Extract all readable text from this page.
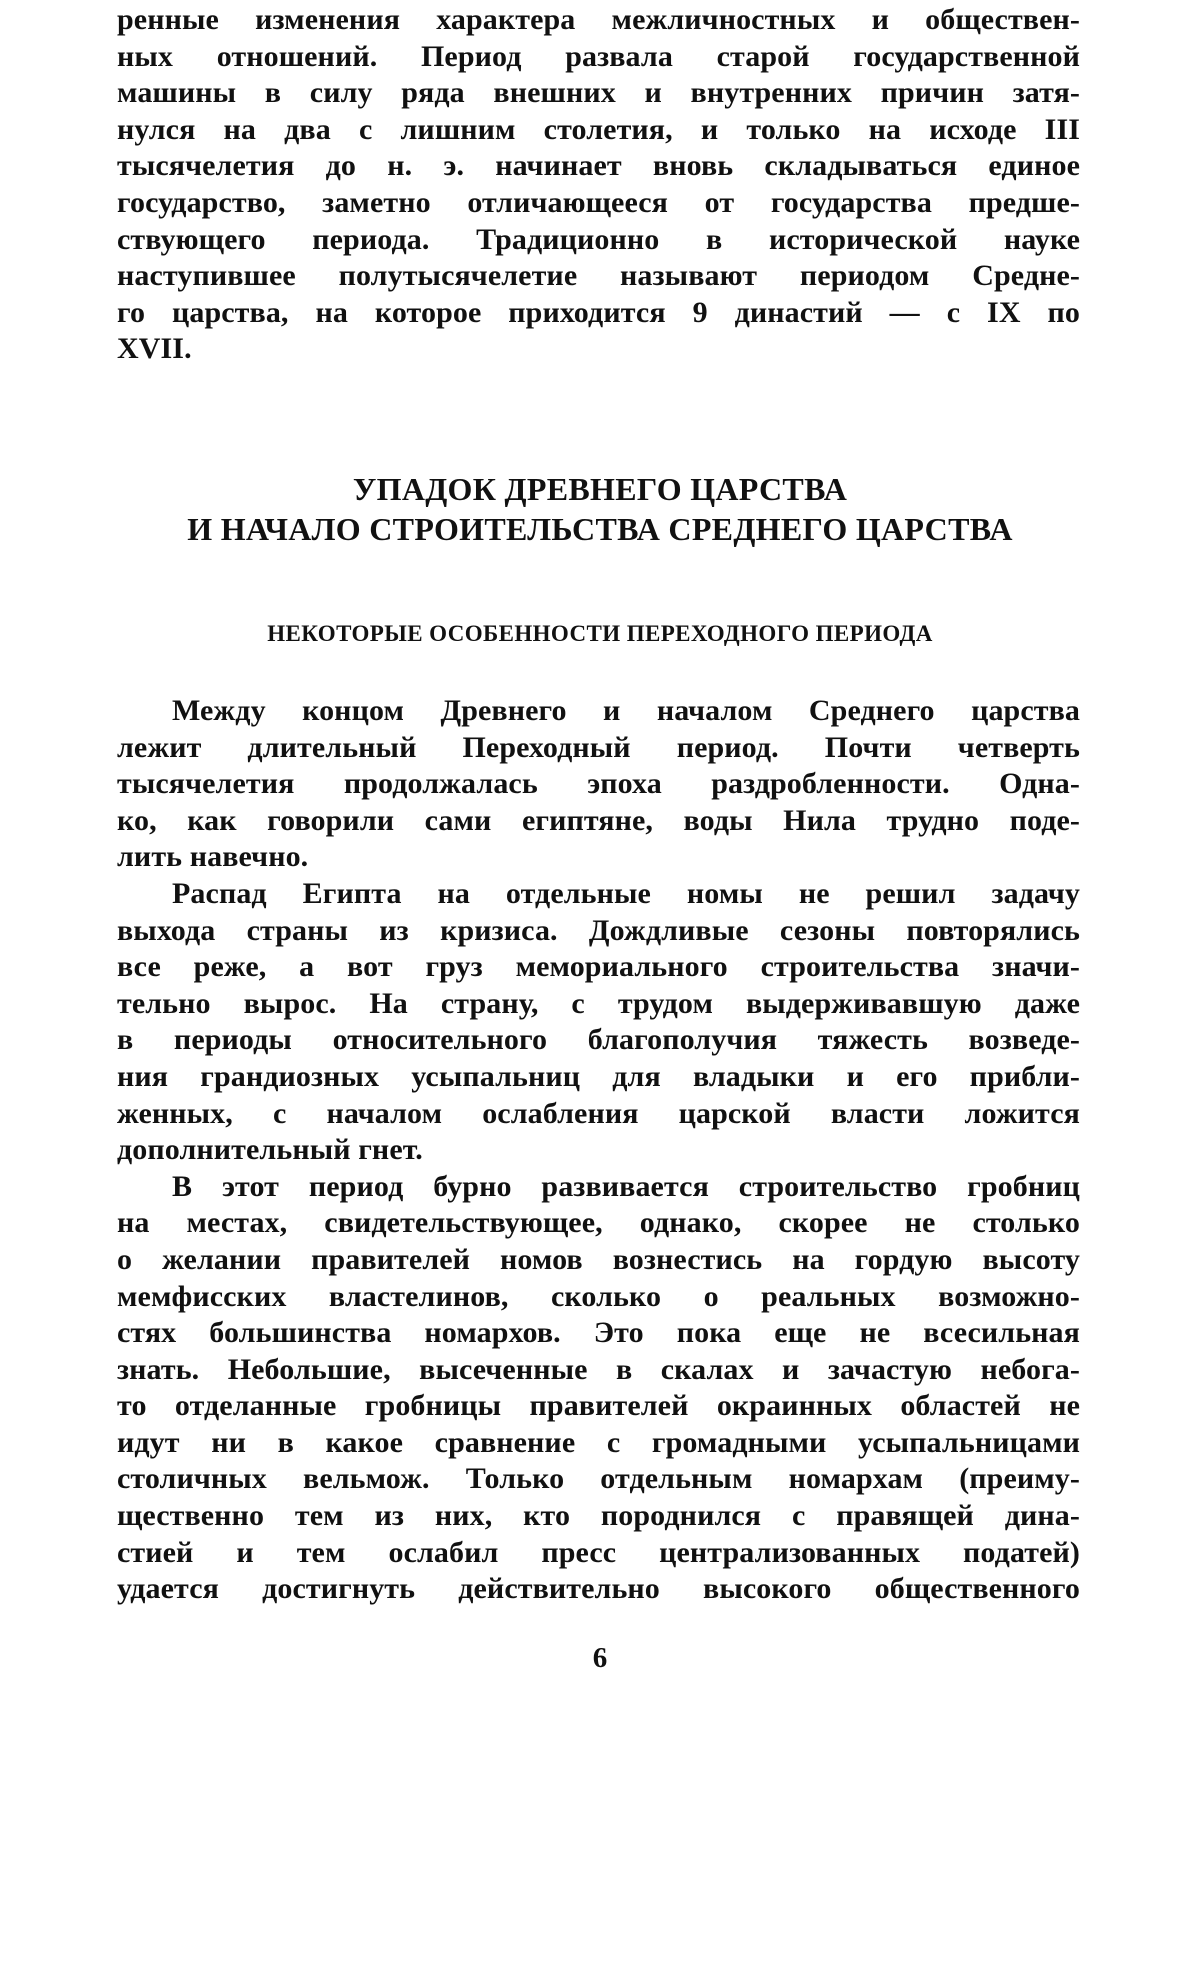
ренные изменения характера межличностных и обществен-
ных отношений. Период развала старой государственной
машины в силу ряда внешних и внутренних причин затя-
нулся на два с лишним столетия, и только на исходе III
тысячелетия до н. э. начинает вновь складываться единое
государство, заметно отличающееся от государства предше-
ствующего периода. Традиционно в исторической науке
наступившее полутысячелетие называют периодом Средне-
го царства, на которое приходится 9 династий — с IX по
XVII.
УПАДОК ДРЕВНЕГО ЦАРСТВА
И НАЧАЛО СТРОИТЕЛЬСТВА СРЕДНЕГО ЦАРСТВА
НЕКОТОРЫЕ ОСОБЕННОСТИ ПЕРЕХОДНОГО ПЕРИОДА
Между концом Древнего и началом Среднего царства
лежит длительный Переходный период. Почти четверть
тысячелетия продолжалась эпоха раздробленности. Одна-
ко, как говорили сами египтяне, воды Нила трудно поде-
лить навечно.
Распад Египта на отдельные номы не решил задачу
выхода страны из кризиса. Дождливые сезоны повторялись
все реже, а вот груз мемориального строительства значи-
тельно вырос. На страну, с трудом выдерживавшую даже
в периоды относительного благополучия тяжесть возведе-
ния грандиозных усыпальниц для владыки и его прибли-
женных, с началом ослабления царской власти ложится
дополнительный гнет.
В этот период бурно развивается строительство гробниц
на местах, свидетельствующее, однако, скорее не столько
о желании правителей номов вознестись на гордую высоту
мемфисских властелинов, сколько о реальных возможно-
стях большинства номархов. Это пока еще не всесильная
знать. Небольшие, высеченные в скалах и зачастую небога-
то отделанные гробницы правителей окраинных областей не
идут ни в какое сравнение с громадными усыпальницами
столичных вельмож. Только отдельным номархам (преиму-
щественно тем из них, кто породнился с правящей дина-
стией и тем ослабил пресс централизованных податей)
удается достигнуть действительно высокого общественного
6
